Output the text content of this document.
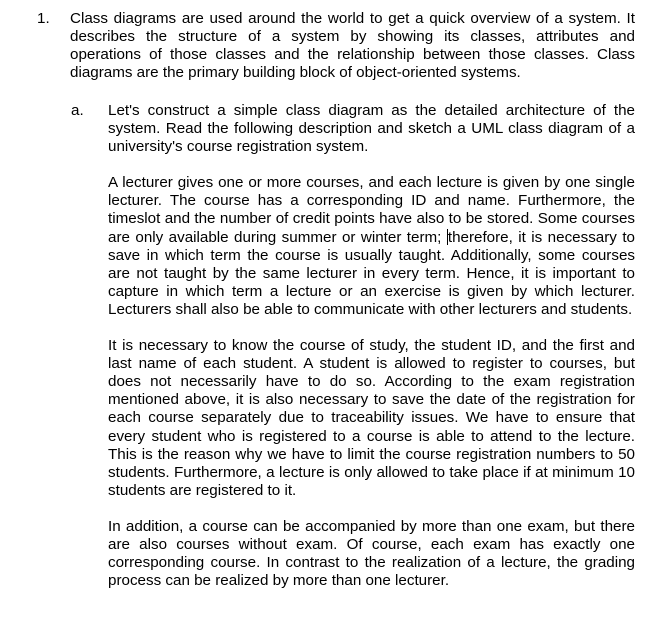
1. Class diagrams are used around the world to get a quick overview of a system. It describes the structure of a system by showing its classes, attributes and operations of those classes and the relationship between those classes. Class diagrams are the primary building block of object-oriented systems.
a. Let's construct a simple class diagram as the detailed architecture of the system. Read the following description and sketch a UML class diagram of a university's course registration system.

A lecturer gives one or more courses, and each lecture is given by one single lecturer. The course has a corresponding ID and name. Furthermore, the timeslot and the number of credit points have also to be stored. Some courses are only available during summer or winter term; therefore, it is necessary to save in which term the course is usually taught. Additionally, some courses are not taught by the same lecturer in every term. Hence, it is important to capture in which term a lecture or an exercise is given by which lecturer. Lecturers shall also be able to communicate with other lecturers and students.

It is necessary to know the course of study, the student ID, and the first and last name of each student. A student is allowed to register to courses, but does not necessarily have to do so. According to the exam registration mentioned above, it is also necessary to save the date of the registration for each course separately due to traceability issues. We have to ensure that every student who is registered to a course is able to attend to the lecture. This is the reason why we have to limit the course registration numbers to 50 students. Furthermore, a lecture is only allowed to take place if at minimum 10 students are registered to it.

In addition, a course can be accompanied by more than one exam, but there are also courses without exam. Of course, each exam has exactly one corresponding course. In contrast to the realization of a lecture, the grading process can be realized by more than one lecturer.
